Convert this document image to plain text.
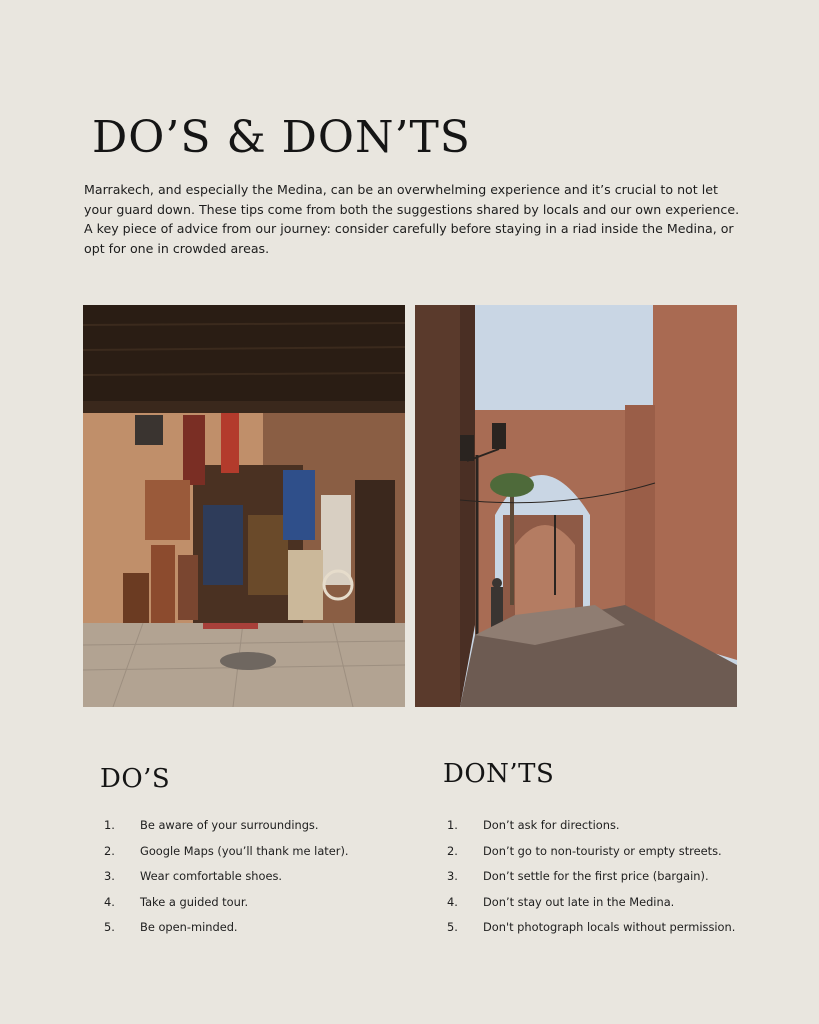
DO’S & DON’TS

Marrakech, and especially the Medina, can be an overwhelming experience and it’s crucial to not let your guard down. These tips come from both the suggestions shared by locals and our own experience. A key piece of advice from our journey: consider carefully before staying in a riad inside the Medina, or opt for one in crowded areas.

DO’S	DON’TS
1.	Be aware of your surroundings.
2.	Google Maps (you’ll thank me later).
3.	Wear comfortable shoes.
4.	Take a guided tour.
5.	Be open-minded.
1.	Don’t ask for directions.
2.	Don’t go to non-touristy or empty streets.
3.	Don’t settle for the first price (bargain).
4.	Don’t stay out late in the Medina.
5.	Don't photograph locals without permission.
